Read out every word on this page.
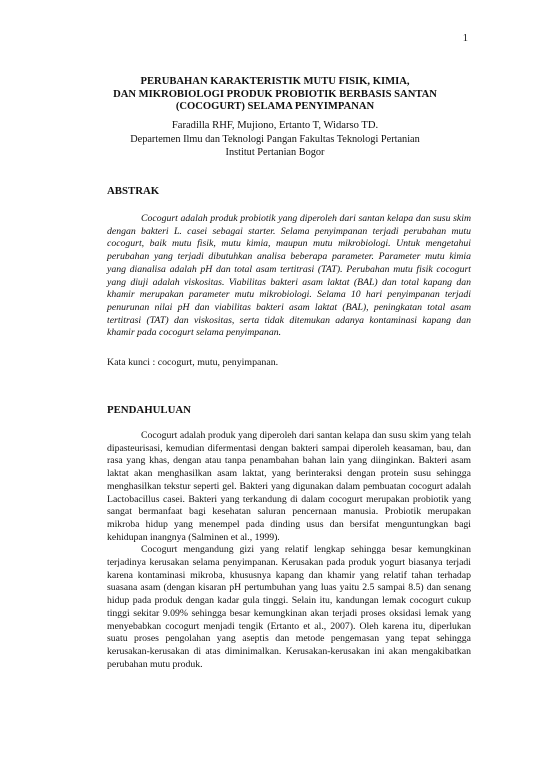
1
PERUBAHAN KARAKTERISTIK MUTU FISIK, KIMIA,
DAN MIKROBIOLOGI PRODUK PROBIOTIK BERBASIS SANTAN
(COCOGURT) SELAMA PENYIMPANAN
Faradilla RHF, Mujiono, Ertanto T, Widarso TD.
Departemen Ilmu dan Teknologi Pangan Fakultas Teknologi Pertanian
Institut Pertanian Bogor
ABSTRAK

Cocogurt adalah produk probiotik yang diperoleh dari santan kelapa dan susu skim dengan bakteri L. casei sebagai starter. Selama penyimpanan terjadi perubahan mutu cocogurt, baik mutu fisik, mutu kimia, maupun mutu mikrobiologi. Untuk mengetahui perubahan yang terjadi dibutuhkan analisa beberapa parameter. Parameter mutu kimia yang dianalisa adalah pH dan total asam tertitrasi (TAT). Perubahan mutu fisik cocogurt yang diuji adalah viskositas. Viabilitas bakteri asam laktat (BAL) dan total kapang dan khamir merupakan parameter mutu mikrobiologi. Selama 10 hari penyimpanan terjadi penurunan nilai pH dan viabilitas bakteri asam laktat (BAL), peningkatan total asam tertitrasi (TAT) dan viskositas, serta tidak ditemukan adanya kontaminasi kapang dan khamir pada cocogurt selama penyimpanan.

Kata kunci : cocogurt, mutu, penyimpanan.
PENDAHULUAN

Cocogurt adalah produk yang diperoleh dari santan kelapa dan susu skim yang telah dipasteurisasi, kemudian difermentasi dengan bakteri sampai diperoleh keasaman, bau, dan rasa yang khas, dengan atau tanpa penambahan bahan lain yang diinginkan. Bakteri asam laktat akan menghasilkan asam laktat, yang berinteraksi dengan protein susu sehingga menghasilkan tekstur seperti gel. Bakteri yang digunakan dalam pembuatan cocogurt adalah Lactobacillus casei. Bakteri yang terkandung di dalam cocogurt merupakan probiotik yang sangat bermanfaat bagi kesehatan saluran pencernaan manusia. Probiotik merupakan mikroba hidup yang menempel pada dinding usus dan bersifat menguntungkan bagi kehidupan inangnya (Salminen et al., 1999).

Cocogurt mengandung gizi yang relatif lengkap sehingga besar kemungkinan terjadinya kerusakan selama penyimpanan. Kerusakan pada produk yogurt biasanya terjadi karena kontaminasi mikroba, khususnya kapang dan khamir yang relatif tahan terhadap suasana asam (dengan kisaran pH pertumbuhan yang luas yaitu 2.5 sampai 8.5) dan senang hidup pada produk dengan kadar gula tinggi. Selain itu, kandungan lemak cocogurt cukup tinggi sekitar 9.09% sehingga besar kemungkinan akan terjadi proses oksidasi lemak yang menyebabkan cocogurt menjadi tengik (Ertanto et al., 2007). Oleh karena itu, diperlukan suatu proses pengolahan yang aseptis dan metode pengemasan yang tepat sehingga kerusakan-kerusakan di atas diminimalkan. Kerusakan-kerusakan ini akan mengakibatkan perubahan mutu produk.
